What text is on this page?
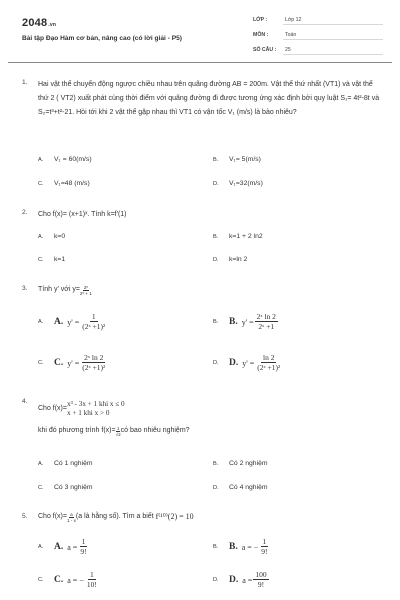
2048.vn
Bài tập Đạo Hàm cơ bản, nâng cao (có lời giải - P5)
LỚP :	Lớp 12
MÔN :	Toán
SỐ CÂU :	25
1. Hai vật thể chuyển động ngược chiều nhau trên quãng đường AB = 200m. Vật thể thứ nhất (VT1) và vật thể thứ 2 ( VT2) xuất phát cùng thời điểm với quãng đường đi được tương ứng xác định bởi quy luật S₁= 4t²-8t và S₂=t³+t²-21. Hỏi tới khi 2 vật thể gặp nhau thì VT1 có vận tốc V₁ (m/s) là bào nhiêu?
A.	V₁ = 60(m/s)	B.	V₁= 5(m/s)
C.	V₁=48 (m/s)	D.	V₁=32(m/s)
2. Cho f(x)= (x+1)ˣ. Tính k=f'(1)
A.	k=0	B.	k=1 + 2 ln2
C.	k=1	D.	k=ln 2
3. Tính y' với $y= \frac{\text{2ˣ}}{\text{2ˣ + 1}}$
A.	A. $y' = \frac{1}{\text{(2ˣ +1)²}}$	B.	B. $y' = \frac{\text{2ˣ ln 2}}{\text{2ˣ +1}}$
C.	C. $y' = \frac{\text{2ˣ ln 2}}{\text{(2ˣ +1)²}}$	D.	D. $y' = \frac{\ln 2}{\text{(2ˣ +1)²}}$
4.
Cho f(x)=
x³ - 3x + 1 khi x ≤ 0
x + 1 khi x > 0
khi đó phương trình $f(x)= \frac{1}{√2}$ có bao nhiêu nghiệm?
A.	Có 1 nghiệm	B.	Có 2 nghiệm
C.	Có 3 nghiệm	D.	Có 4 nghiệm
5. Cho $f(x)= \frac{a}{1 - x} (a$ là hằng số). Tìm a biết f⁽¹⁰⁾(2) = 10
A.	A. $a = \frac{1}{9!}$	B.	B. a = − $\frac{1}{9!}$
C.	C. a = − $\frac{1}{10!}$	D.	D. $a = \frac{100}{9!}$
